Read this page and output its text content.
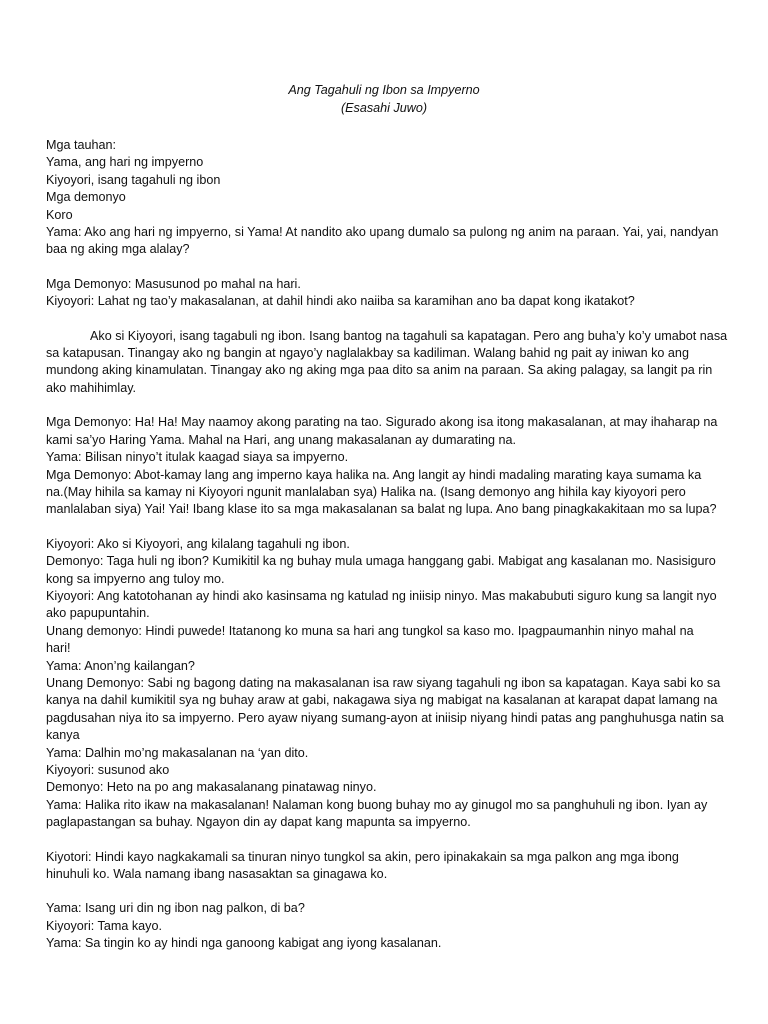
Ang Tagahuli ng Ibon sa Impyerno
(Esasahi Juwo)
Mga tauhan:
Yama, ang hari ng impyerno
Kiyoyori, isang tagahuli ng ibon
Mga demonyo
Koro
Yama: Ako ang hari ng impyerno, si Yama! At nandito ako upang dumalo sa pulong ng anim na paraan. Yai, yai, nandyan
baa ng aking mga alalay?
Mga Demonyo: Masusunod po mahal na hari.
Kiyoyori: Lahat ng tao’y makasalanan, at dahil hindi ako naiiba sa karamihan ano ba dapat kong ikatakot?
Ako si Kiyoyori, isang tagabuli ng ibon. Isang bantog na tagahuli sa kapatagan. Pero ang buha’y ko’y umabot nasa
sa katapusan. Tinangay ako ng bangin at ngayo’y naglalakbay sa kadiliman. Walang bahid ng pait ay iniwan ko ang
mundong aking kinamulatan. Tinangay ako ng aking mga paa dito sa anim na paraan. Sa aking palagay, sa langit pa rin
ako mahihimlay.
Mga Demonyo: Ha! Ha! May naamoy akong parating na tao. Sigurado akong isa itong makasalanan, at may ihaharap na
kami sa’yo Haring Yama. Mahal na Hari, ang unang makasalanan ay dumarating na.
Yama: Bilisan ninyo’t itulak kaagad siaya sa impyerno.
Mga Demonyo: Abot-kamay lang ang imperno kaya halika na. Ang langit ay hindi madaling marating kaya sumama ka
na.(May hihila sa kamay ni Kiyoyori ngunit manlalaban sya) Halika na. (Isang demonyo ang hihila kay kiyoyori pero
manlalaban siya) Yai! Yai! Ibang klase ito sa mga makasalanan sa balat ng lupa. Ano bang pinagkakakitaan mo sa lupa?
Kiyoyori: Ako si Kiyoyori, ang kilalang tagahuli ng ibon.
Demonyo: Taga huli ng ibon? Kumikitil ka ng buhay mula umaga hanggang gabi. Mabigat ang kasalanan mo. Nasisiguro
kong sa impyerno ang tuloy mo.
Kiyoyori: Ang katotohanan ay hindi ako kasinsama ng katulad ng iniisip ninyo. Mas makabubuti siguro kung sa langit nyo
ako papupuntahin.
Unang demonyo: Hindi puwede! Itatanong ko muna sa hari ang tungkol sa kaso mo. Ipagpaumanhin ninyo mahal na
hari!
Yama: Anon’ng kailangan?
Unang Demonyo: Sabi ng bagong dating na makasalanan isa raw siyang tagahuli ng ibon sa kapatagan. Kaya sabi ko sa
kanya na dahil kumikitil sya ng buhay araw at gabi, nakagawa siya ng mabigat na kasalanan at karapat dapat lamang na
pagdusahan niya ito sa impyerno. Pero ayaw niyang sumang-ayon at iniisip niyang hindi patas ang panghuhusga natin sa
kanya
Yama: Dalhin mo’ng makasalanan na ‘yan dito.
Kiyoyori: susunod ako
Demonyo: Heto na po ang makasalanang pinatawag ninyo.
Yama: Halika rito ikaw na makasalanan! Nalaman kong buong buhay mo ay ginugol mo sa panghuhuli ng ibon. Iyan ay
paglapastangan sa buhay. Ngayon din ay dapat kang mapunta sa impyerno.
Kiyotori: Hindi kayo nagkakamali sa tinuran ninyo tungkol sa akin, pero ipinakakain sa mga palkon ang mga ibong
hinuhuli ko. Wala namang ibang nasasaktan sa ginagawa ko.
Yama: Isang uri din ng ibon nag palkon, di ba?
Kiyoyori: Tama kayo.
Yama: Sa tingin ko ay hindi nga ganoong kabigat ang iyong kasalanan.
